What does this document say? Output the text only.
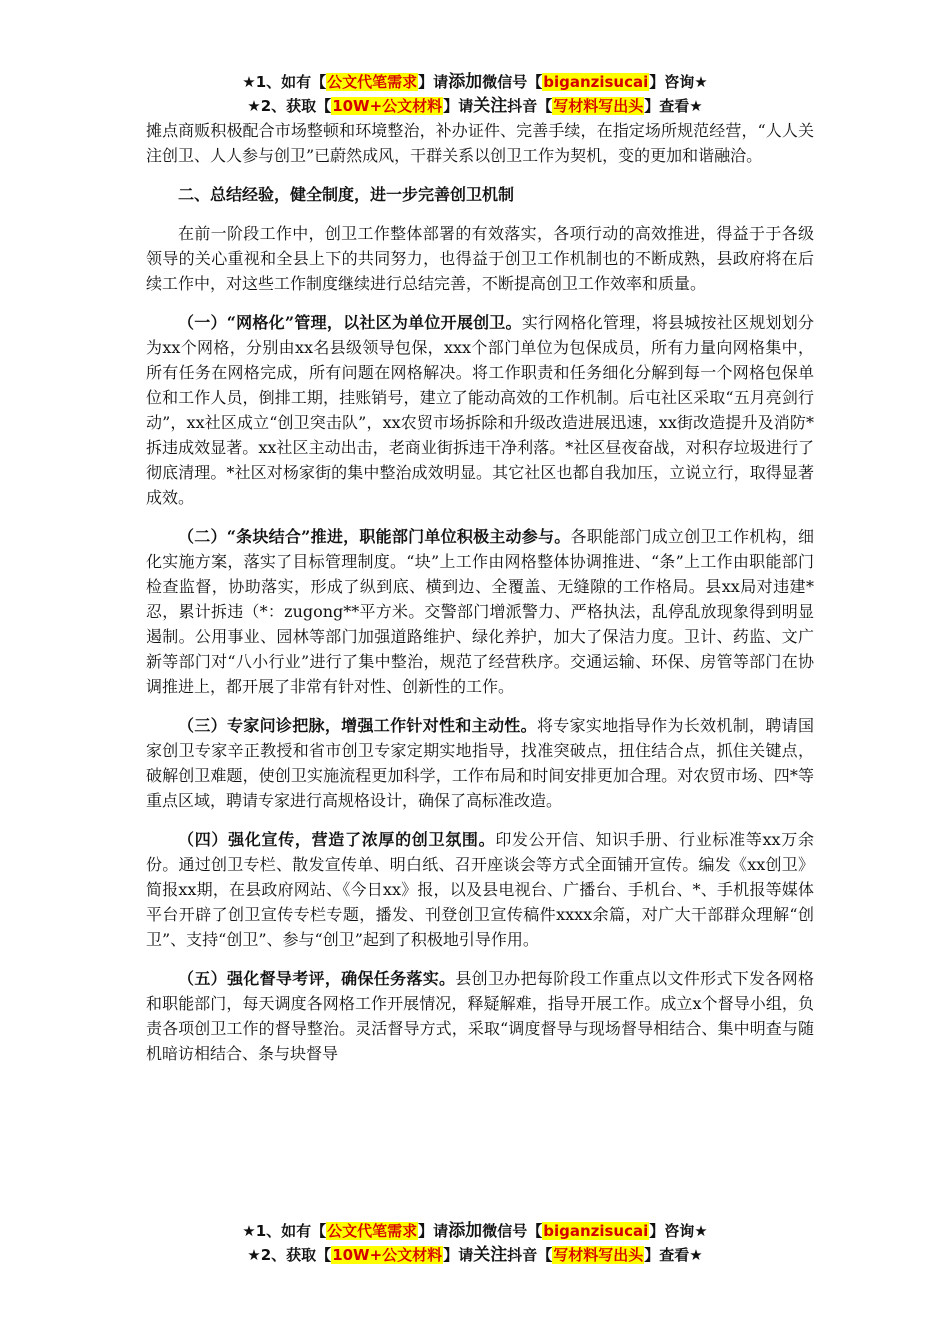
★1、如有【公文代笔需求】请添加微信号【biganzisucai】咨询★
★2、获取【10W+公文材料】请关注抖音【写材料写出头】查看★

摊点商贩积极配合市场整顿和环境整治，补办证件、完善手续，在指定场所规范经营，“人人关注创卫、人人参与创卫”已蔚然成风，干群关系以创卫工作为契机，变的更加和谐融洽。

二、总结经验，健全制度，进一步完善创卫机制

在前一阶段工作中，创卫工作整体部署的有效落实，各项行动的高效推进，得益于于各级领导的关心重视和全县上下的共同努力，也得益于创卫工作机制也的不断成熟，县政府将在后续工作中，对这些工作制度继续进行总结完善，不断提高创卫工作效率和质量。

（一）“网格化”管理，以社区为单位开展创卫。实行网格化管理，将县城按社区规划划分为xx个网格，分别由xx名县级领导包保，xxx个部门单位为包保成员，所有力量向网格集中，所有任务在网格完成，所有问题在网格解决。将工作职责和任务细化分解到每一个网格包保单位和工作人员，倒排工期，挂账销号，建立了能动高效的工作机制。后屯社区采取“五月亮剑行动”，xx社区成立“创卫突击队”，xx农贸市场拆除和升级改造进展迅速，xx街改造提升及消防*拆违成效显著。xx社区主动出击，老商业街拆违干净利落。*社区昼夜奋战，对积存垃圾进行了彻底清理。*社区对杨家街的集中整治成效明显。其它社区也都自我加压，立说立行，取得显著成效。

（二）“条块结合”推进，职能部门单位积极主动参与。各职能部门成立创卫工作机构，细化实施方案，落实了目标管理制度。“块”上工作由网格整体协调推进、“条”上工作由职能部门检查监督，协助落实，形成了纵到底、横到边、全覆盖、无缝隙的工作格局。县xx局对违建*忍，累计拆违（*：zugong**平方米。交警部门增派警力、严格执法，乱停乱放现象得到明显遏制。公用事业、园林等部门加强道路维护、绿化养护，加大了保洁力度。卫计、药监、文广新等部门对“八小行业”进行了集中整治，规范了经营秩序。交通运输、环保、房管等部门在协调推进上，都开展了非常有针对性、创新性的工作。

（三）专家问诊把脉，增强工作针对性和主动性。将专家实地指导作为长效机制，聘请国家创卫专家辛正教授和省市创卫专家定期实地指导，找准突破点，扭住结合点，抓住关键点，破解创卫难题，使创卫实施流程更加科学，工作布局和时间安排更加合理。对农贸市场、四*等重点区域，聘请专家进行高规格设计，确保了高标准改造。

（四）强化宣传，营造了浓厚的创卫氛围。印发公开信、知识手册、行业标准等xx万余份。通过创卫专栏、散发宣传单、明白纸、召开座谈会等方式全面铺开宣传。编发《xx创卫》简报xx期，在县政府网站、《今日xx》报，以及县电视台、广播台、手机台、*、手机报等媒体平台开辟了创卫宣传专栏专题，播发、刊登创卫宣传稿件xxxx余篇，对广大干部群众理解“创卫”、支持“创卫”、参与“创卫”起到了积极地引导作用。

（五）强化督导考评，确保任务落实。县创卫办把每阶段工作重点以文件形式下发各网格和职能部门，每天调度各网格工作开展情况，释疑解难，指导开展工作。成立x个督导小组，负责各项创卫工作的督导整治。灵活督导方式，采取“调度督导与现场督导相结合、集中明查与随机暗访相结合、条与块督导

★1、如有【公文代笔需求】请添加微信号【biganzisucai】咨询★
★2、获取【10W+公文材料】请关注抖音【写材料写出头】查看★
